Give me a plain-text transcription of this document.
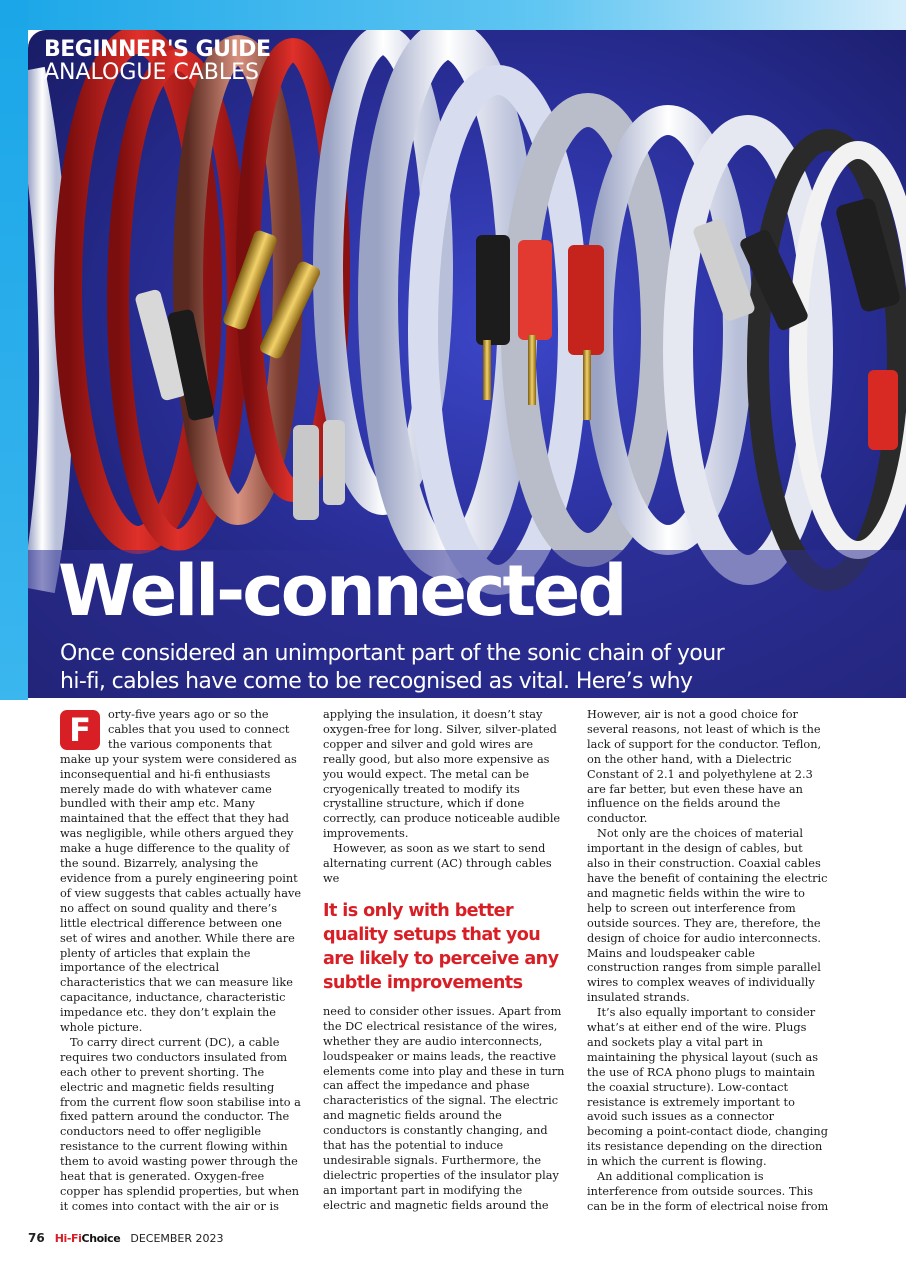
BEGINNER'S GUIDE
ANALOGUE CABLES
Well-connected

Once considered an unimportant part of the sonic chain of your hi-fi, cables have come to be recognised as vital. Here’s why

F	orty-five years ago or so the cables that you used to connect the various components that make up your system were considered as inconsequential and hi-fi enthusiasts merely made do with whatever came bundled with their amp etc. Many maintained that the effect that they had was negligible, while others argued they make a huge difference to the quality of the sound. Bizarrely, analysing the evidence from a purely engineering point of view suggests that cables actually have no affect on sound quality and there’s little electrical difference between one set of wires and another. While there are plenty of articles that explain the importance of the electrical characteristics that we can measure like capacitance, inductance, characteristic impedance etc. they don’t explain the whole picture.

To carry direct current (DC), a cable requires two conductors insulated from each other to prevent shorting. The electric and magnetic fields resulting from the current flow soon stabilise into a fixed pattern around the conductor. The conductors need to offer negligible resistance to the current flowing within them to avoid wasting power through the heat that is generated. Oxygen-free copper has splendid properties, but when it comes into contact with the air or is

applying the insulation, it doesn’t stay oxygen-free for long. Silver, silver-plated copper and silver and gold wires are really good, but also more expensive as you would expect. The metal can be cryogenically treated to modify its crystalline structure, which if done correctly, can produce noticeable audible improvements.

However, as soon as we start to send alternating current (AC) through cables we

It is only with better quality setups that you are likely to perceive any subtle improvements

need to consider other issues. Apart from the DC electrical resistance of the wires, whether they are audio interconnects, loudspeaker or mains leads, the reactive elements come into play and these in turn can affect the impedance and phase characteristics of the signal. The electric and magnetic fields around the conductors is constantly changing, and that has the potential to induce undesirable signals. Furthermore, the dielectric properties of the insulator play an important part in modifying the electric and magnetic fields around the

However, air is not a good choice for several reasons, not least of which is the lack of support for the conductor. Teflon, on the other hand, with a Dielectric Constant of 2.1 and polyethylene at 2.3 are far better, but even these have an influence on the fields around the conductor.

Not only are the choices of material important in the design of cables, but also in their construction. Coaxial cables have the benefit of containing the electric and magnetic fields within the wire to help to screen out interference from outside sources. They are, therefore, the design of choice for audio interconnects. Mains and loudspeaker cable construction ranges from simple parallel wires to complex weaves of individually insulated strands.

It’s also equally important to consider what’s at either end of the wire. Plugs and sockets play a vital part in maintaining the physical layout (such as the use of RCA phono plugs to maintain the coaxial structure). Low-contact resistance is extremely important to avoid such issues as a connector becoming a point-contact diode, changing its resistance depending on the direction in which the current is flowing.

An additional complication is interference from outside sources. This can be in the form of electrical noise from

76 Hi-FiChoice DECEMBER 2023
